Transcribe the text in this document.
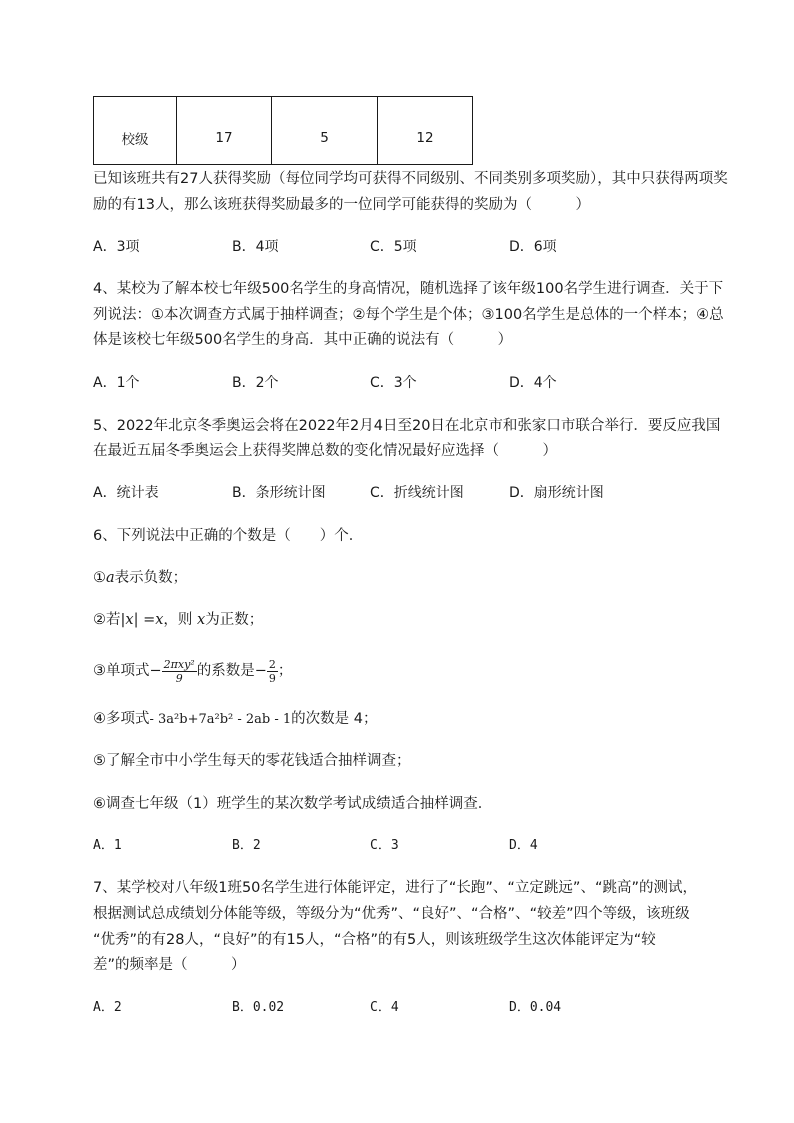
校级	17	5	12
已知该班共有27人获得奖励（每位同学均可获得不同级别、不同类别多项奖励），其中只获得两项奖
励的有13人，那么该班获得奖励最多的一位同学可能获得的奖励为（　　　）
A．3项	B．4项	C．5项	D．6项
4、某校为了解本校七年级500名学生的身高情况，随机选择了该年级100名学生进行调查．关于下
列说法：①本次调查方式属于抽样调查；②每个学生是个体；③100名学生是总体的一个样本；④总
体是该校七年级500名学生的身高．其中正确的说法有（　　　）
A．1个	B．2个	C．3个	D．4个
5、2022年北京冬季奥运会将在2022年2月4日至20日在北京市和张家口市联合举行．要反应我国
在最近五届冬季奥运会上获得奖牌总数的变化情况最好应选择（　　　）
A．统计表	B．条形统计图	C．折线统计图	D．扇形统计图
6、下列说法中正确的个数是（　　）个．
①a表示负数；
②若|x| =x，则 x为正数；
③单项式− $\frac{\text{2πxy²}}{9}$ 的系数是− $\frac{2}{9}$ ；
④多项式- 3a²b+7a²b² - 2ab - 1的次数是 4；
⑤了解全市中小学生每天的零花钱适合抽样调查；
⑥调查七年级（1）班学生的某次数学考试成绩适合抽样调查．
A．1	B．2	C．3	D．4
7、某学校对八年级1班50名学生进行体能评定，进行了“长跑”、“立定跳远”、“跳高”的测试，
根据测试总成绩划分体能等级，等级分为“优秀”、“良好”、“合格”、“较差”四个等级，该班级
“优秀”的有28人，“良好”的有15人，“合格”的有5人，则该班级学生这次体能评定为“较
差”的频率是（　　　）
A．2	B．0.02	C．4	D．0.04
